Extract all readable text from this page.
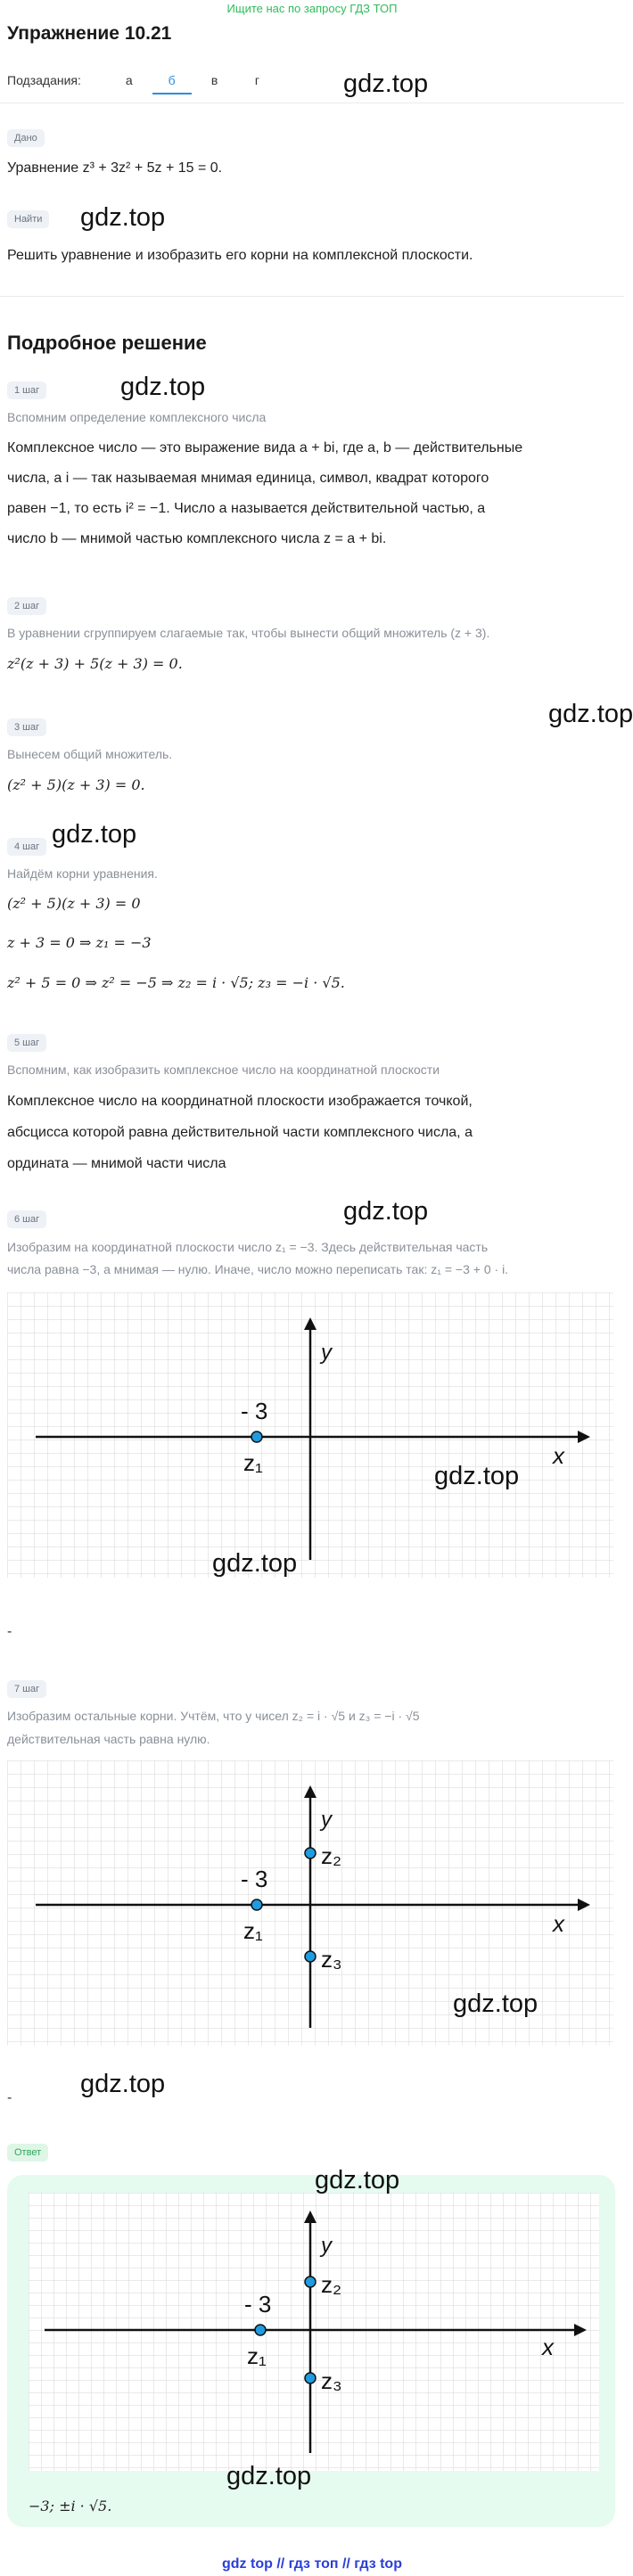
Ищите нас по запросу ГДЗ ТОП
Упражнение 10.21
Подзадания:	а	б	в	г	gdz.top
Дано
Уравнение z³ + 3z² + 5z + 15 = 0.
Найти gdz.top
Решить уравнение и изобразить его корни на комплексной плоскости.
Подробное решение
1 шаг	gdz.top
Вспомним определение комплексного числа
Комплексное число — это выражение вида a + bi, где a, b — действительные
числа, а i — так называемая мнимая единица, символ, квадрат которого
равен −1, то есть i² = −1. Число a называется действительной частью, а
число b — мнимой частью комплексного числа z = a + bi.
2 шаг
В уравнении сгруппируем слагаемые так, чтобы вынести общий множитель (z + 3).
z²(z + 3) + 5(z + 3) = 0.
gdz.top
3 шаг
Вынесем общий множитель.
(z² + 5)(z + 3) = 0.
4 шаг gdz.top
Найдём корни уравнения.
(z² + 5)(z + 3) = 0
z + 3 = 0 ⇒ z₁ = −3
z² + 5 = 0 ⇒ z² = −5 ⇒ z₂ = i · √5; z₃ = −i · √5.
5 шаг
Вспомним, как изобразить комплексное число на координатной плоскости
Комплексное число на координатной плоскости изображается точкой,
абсцисса которой равна действительной части комплексного числа, а
ордината — мнимой части числа
gdz.top
6 шаг
Изобразим на координатной плоскости число z₁ = −3. Здесь действительная часть
числа равна −3, а мнимая — нулю. Иначе, число можно переписать так: z₁ = −3 + 0 · i.
y
x
- 3
z₁	gdz.top
gdz.top
-
7 шаг
Изобразим остальные корни. Учтём, что у чисел z₂ = i · √5 и z₃ = −i · √5
действительная часть равна нулю.
y
x
- 3
z₁
z₂
z₃
gdz.top
-	gdz.top
Ответ
y
x
- 3
z₁
z₂
z₃
gdz.top
gdz.top
−3; ±i · √5.
gdz top // гдз топ // гдз top
